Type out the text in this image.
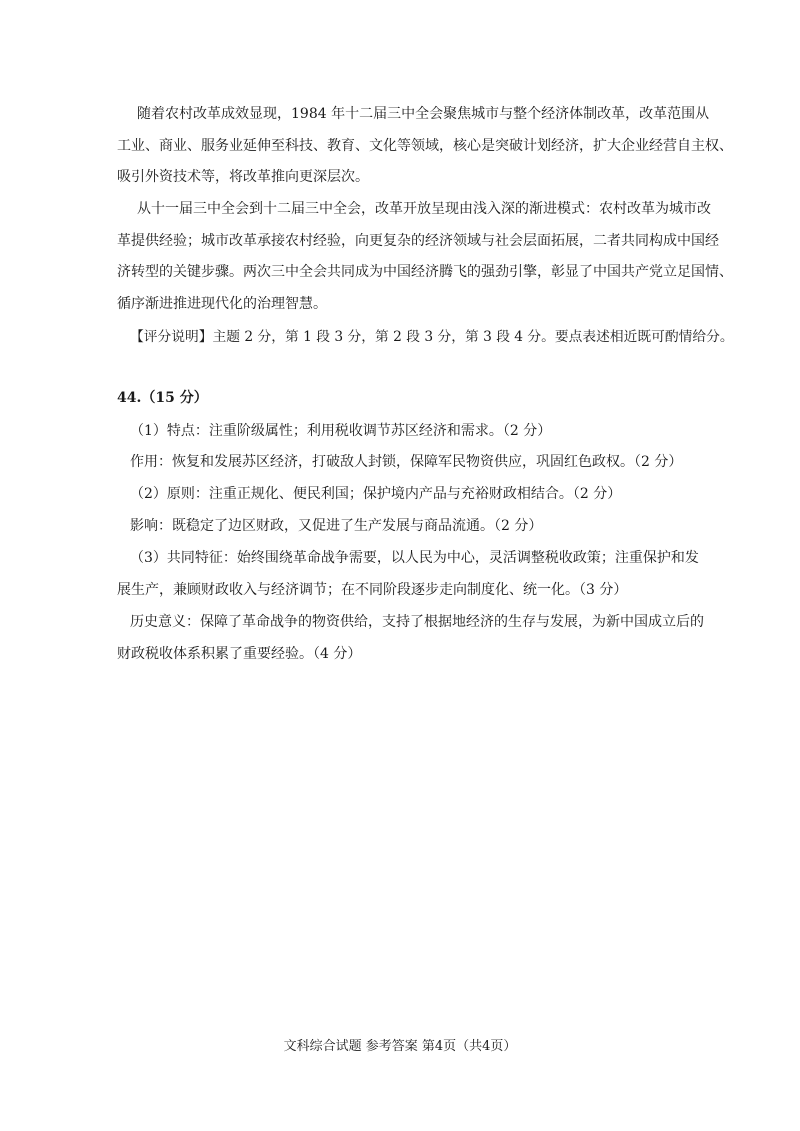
随着农村改革成效显现，1984 年十二届三中全会聚焦城市与整个经济体制改革，改革范围从

工业、商业、服务业延伸至科技、教育、文化等领域，核心是突破计划经济，扩大企业经营自主权、

吸引外资技术等，将改革推向更深层次。

从十一届三中全会到十二届三中全会，改革开放呈现由浅入深的渐进模式：农村改革为城市改

革提供经验；城市改革承接农村经验，向更复杂的经济领域与社会层面拓展，二者共同构成中国经

济转型的关键步骤。两次三中全会共同成为中国经济腾飞的强劲引擎，彰显了中国共产党立足国情、

循序渐进推进现代化的治理智慧。

【评分说明】主题 2 分，第 1 段 3 分，第 2 段 3 分，第 3 段 4 分。要点表述相近既可酌情给分。

44.（15 分）

（1）特点：注重阶级属性；利用税收调节苏区经济和需求。（2 分）

作用：恢复和发展苏区经济，打破敌人封锁，保障军民物资供应，巩固红色政权。（2 分）

（2）原则：注重正规化、便民利国；保护境内产品与充裕财政相结合。（2 分）

影响：既稳定了边区财政，又促进了生产发展与商品流通。（2 分）

（3）共同特征：始终围绕革命战争需要，以人民为中心，灵活调整税收政策；注重保护和发

展生产，兼顾财政收入与经济调节；在不同阶段逐步走向制度化、统一化。（3 分）

历史意义：保障了革命战争的物资供给，支持了根据地经济的生存与发展，为新中国成立后的

财政税收体系积累了重要经验。（4 分）

文科综合试题 参考答案 第4页（共4页）
